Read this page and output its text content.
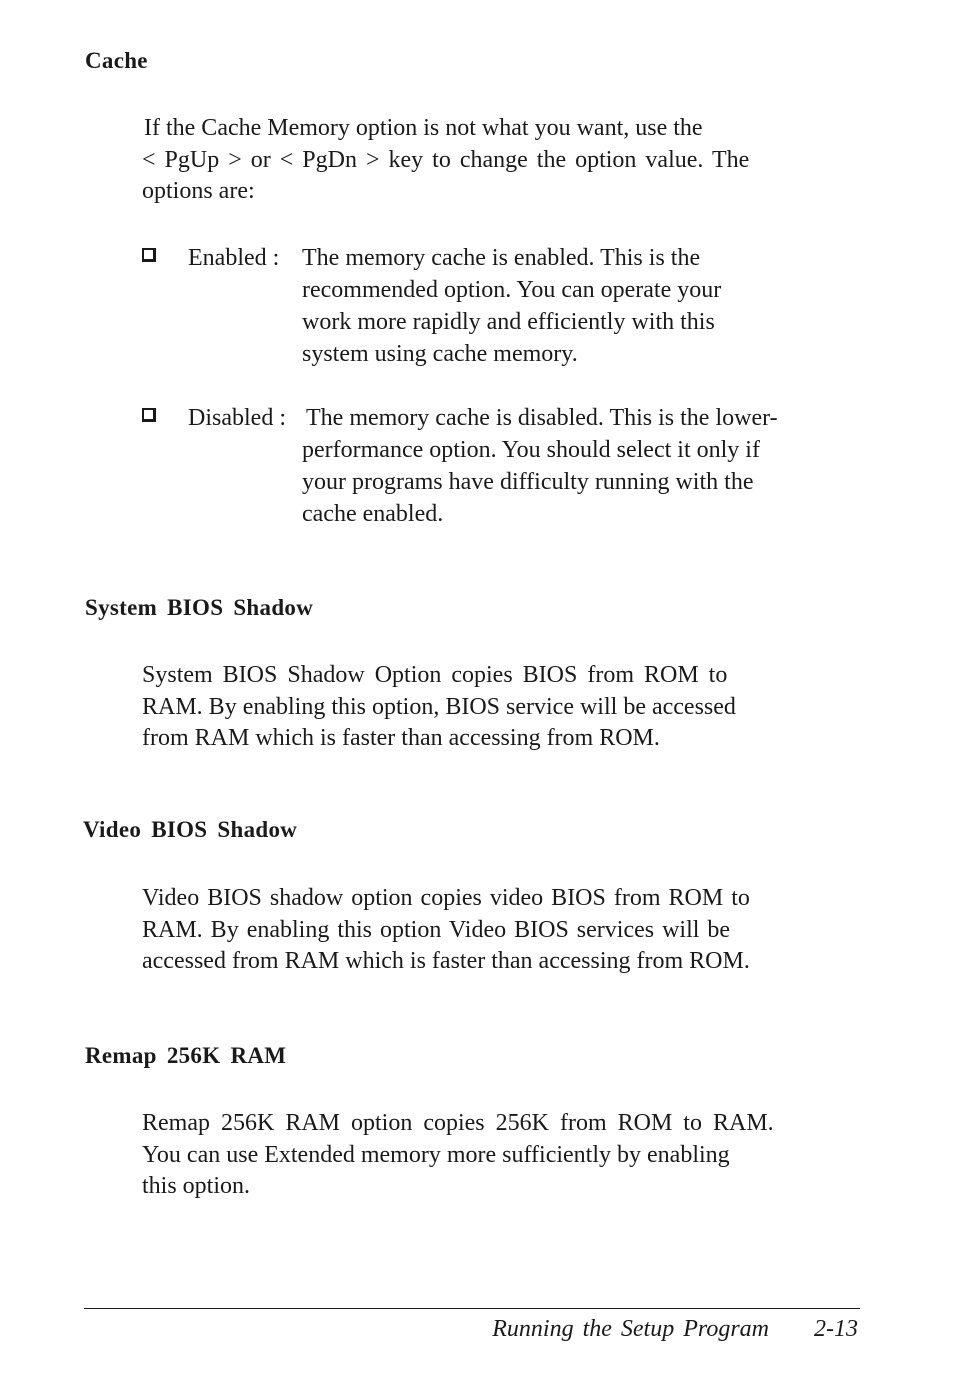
Cache

If the Cache Memory option is not what you want, use the
< PgUp > or < PgDn > key to change the option value. The
options are:

Enabled : The memory cache is enabled. This is the
recommended option. You can operate your
work more rapidly and efficiently with this
system using cache memory.
Disabled : The memory cache is disabled. This is the lower-
performance option. You should select it only if
your programs have difficulty running with the
cache enabled.
System BIOS Shadow

System BIOS Shadow Option copies BIOS from ROM to
RAM. By enabling this option, BIOS service will be accessed
from RAM which is faster than accessing from ROM.

Video BIOS Shadow

Video BIOS shadow option copies video BIOS from ROM to
RAM. By enabling this option Video BIOS services will be
accessed from RAM which is faster than accessing from ROM.

Remap 256K RAM

Remap 256K RAM option copies 256K from ROM to RAM.
You can use Extended memory more sufficiently by enabling
this option.

Running the Setup Program 2-13
